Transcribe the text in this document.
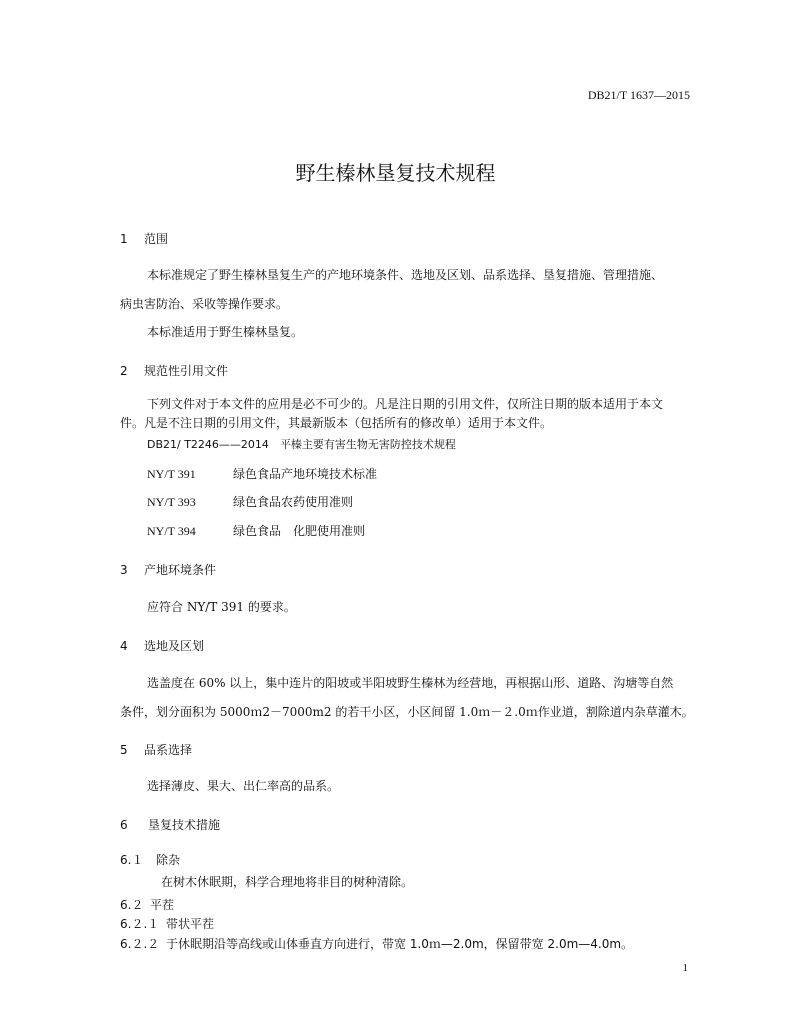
DB21/T 1637—2015
野生榛林垦复技术规程
1 范围
本标准规定了野生榛林垦复生产的产地环境条件、选地及区划、品系选择、垦复措施、管理措施、
病虫害防治、采收等操作要求。
本标准适用于野生榛林垦复。
2 规范性引用文件
下列文件对于本文件的应用是必不可少的。凡是注日期的引用文件，仅所注日期的版本适用于本文
件。凡是不注日期的引用文件，其最新版本（包括所有的修改单）适用于本文件。
DB21/ T2246——2014　 平榛主要有害生物无害防控技术规程
NY/T 391	绿色食品产地环境技术标准
NY/T 393	绿色食品农药使用准则
NY/T 394	绿色食品　化肥使用准则
3 产地环境条件
应符合 NY/T 391 的要求。
4 选地及区划
选盖度在 60% 以上，集中连片的阳坡或半阳坡野生榛林为经营地，再根据山形、道路、沟塘等自然
条件，划分面积为 5000ｍ2－7000m2 的若干小区，小区间留 1.0ｍ－２.0ｍ作业道，割除道内杂草灌木。
5 品系选择
选择薄皮、果大、出仁率高的品系。
6 垦复技术措施
6.１ 除杂
在树木休眠期，科学合理地将非目的树种清除。
6.２ 平茬
6.２.１ 带状平茬
6.２.２ 于休眠期沿等高线或山体垂直方向进行，带宽 1.0ｍ—2.0m，保留带宽 2.0m—4.0m。
1
